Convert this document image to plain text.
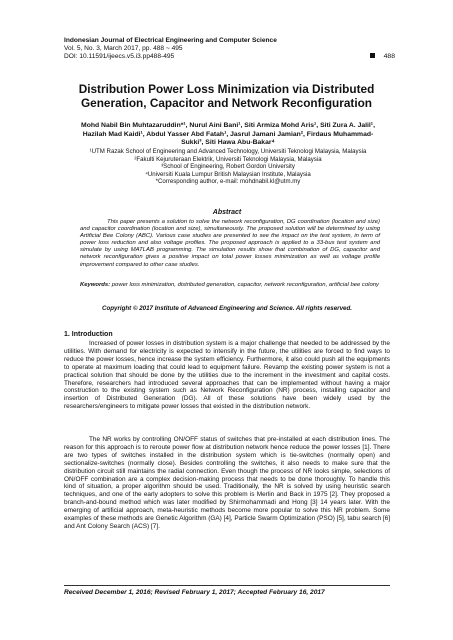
Indonesian Journal of Electrical Engineering and Computer Science
Vol. 5, No. 3, March 2017, pp. 488 ~ 495
DOI: 10.11591/ijeecs.v5.i3.pp488-495	488
Distribution Power Loss Minimization via Distributed Generation, Capacitor and Network Reconfiguration
Mohd Nabil Bin Muhtazaruddin*¹, Nurul Aini Bani¹, Siti Armiza Mohd Aris¹, Siti Zura A. Jalil¹, Hazilah Mad Kaidi¹, Abdul Yasser Abd Fatah¹, Jasrul Jamani Jamian², Firdaus Muhammad-Sukki³, Siti Hawa Abu-Bakar⁴
¹UTM Razak School of Engineering and Advanced Technology, Universiti Teknologi Malaysia, Malaysia
²Fakulti Kejuruteraan Elektrik, Universiti Teknologi Malaysia, Malaysia
³School of Engineering, Robert Gordon University
⁴Universiti Kuala Lumpur British Malaysian Institute, Malaysia
*Corresponding author, e-mail: mohdnabil.kl@utm.my
Abstract

This paper presents a solution to solve the network reconfiguration, DG coordination (location and size) and capacitor coordination (location and size), simultaneously. The proposed solution will be determined by using Artificial Bee Colony (ABC). Various case studies are presented to see the impact on the test system, in term of power loss reduction and also voltage profiles. The proposed approach is applied to a 33-bus test system and simulate by using MATLAB programming. The simulation results show that combination of DG, capacitor and network reconfiguration gives a positive impact on total power losses minimization as well as voltage profile improvement compared to other case studies.

Keywords: power loss minimization, distributed generation, capacitor, network reconfiguration, artificial bee colony

Copyright © 2017 Institute of Advanced Engineering and Science. All rights reserved.
1. Introduction

Increased of power losses in distribution system is a major challenge that needed to be addressed by the utilities. With demand for electricity is expected to intensify in the future, the utilities are forced to find ways to reduce the power losses, hence increase the system efficiency. Furthermore, it also could push all the equipments to operate at maximum loading that could lead to equipment failure. Revamp the existing power system is not a practical solution that should be done by the utilities due to the increment in the investment and capital costs. Therefore, researchers had introduced several approaches that can be implemented without having a major construction to the existing system such as Network Reconfiguration (NR) process, installing capacitor and insertion of Distributed Generation (DG). All of these solutions have been widely used by the researchers/engineers to mitigate power losses that existed in the distribution network.

The NR works by controlling ON/OFF status of switches that pre-installed at each distribution lines. The reason for this approach is to reroute power flow at distribution network hence reduce the power losses [1]. There are two types of switches installed in the distribution system which is tie-switches (normally open) and sectionalize-switches (normally close). Besides controlling the switches, it also needs to make sure that the distribution circuit still maintains the radial connection. Even though the process of NR looks simple, selections of ON/OFF combination are a complex decision-making process that needs to be done thoroughly. To handle this kind of situation, a proper algorithm should be used. Traditionally, the NR is solved by using heuristic search techniques, and one of the early adopters to solve this problem is Merlin and Back in 1975 [2]. They proposed a branch-and-bound method which was later modified by Shirmohammadi and Hong [3] 14 years later. With the emerging of artificial approach, meta-heuristic methods become more popular to solve this NR problem. Some examples of these methods are Genetic Algorithm (GA) [4], Particle Swarm Optimization (PSO) [5], tabu search [6] and Ant Colony Search (ACS) [7].

Received December 1, 2016; Revised February 1, 2017; Accepted February 16, 2017
